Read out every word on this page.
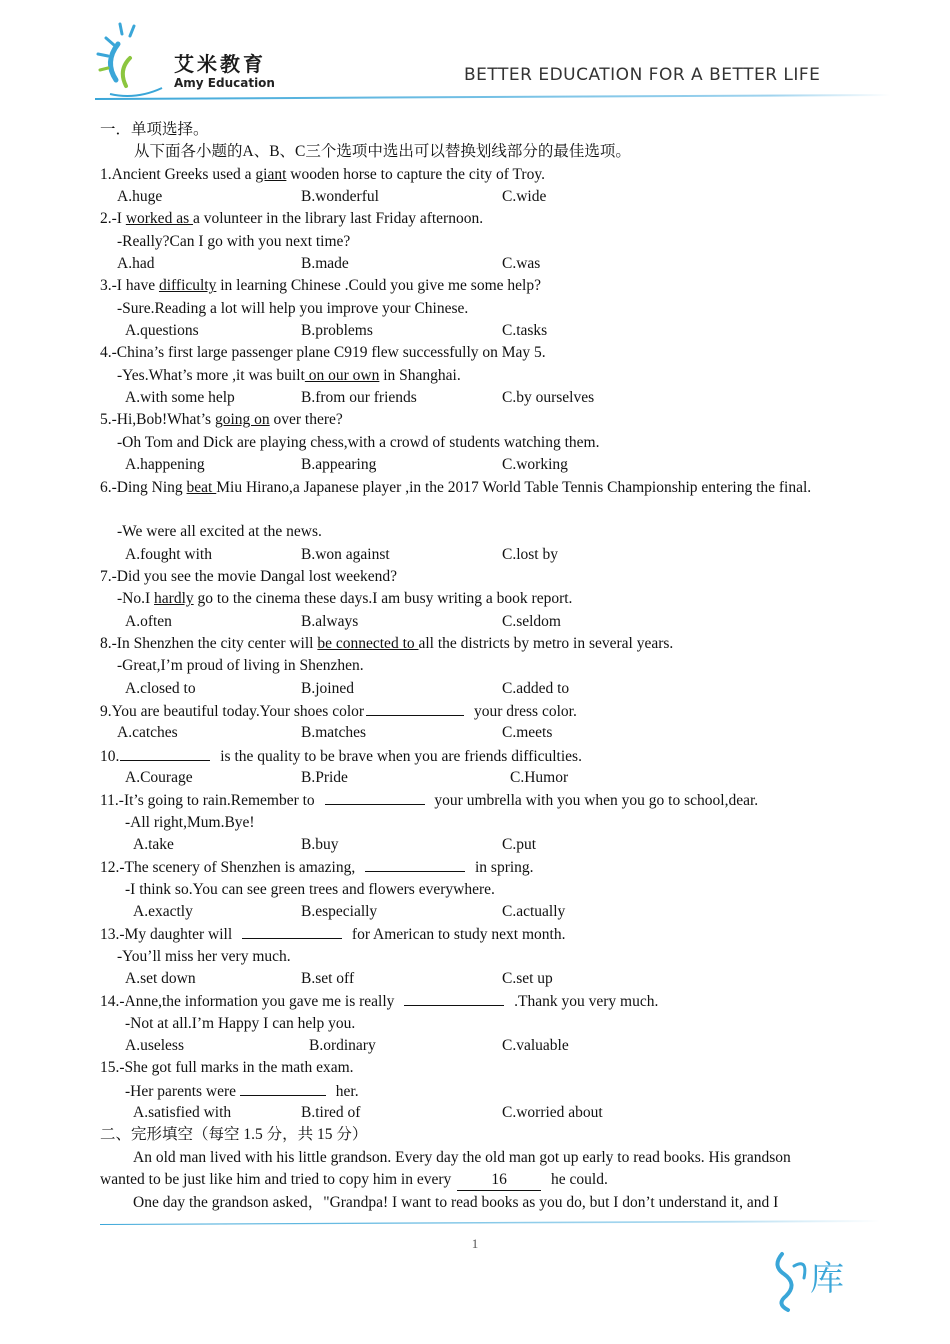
艾米教育
Amy Education	BETTER EDUCATION FOR A BETTER LIFE
一．单项选择。
从下面各小题的A、B、C三个选项中选出可以替换划线部分的最佳选项。
1.Ancient Greeks used a giant wooden horse to capture the city of Troy.
A.huge	B.wonderful	C.wide
2.-I worked as a volunteer in the library last Friday afternoon.
-Really?Can I go with you next time?
A.had	B.made	C.was
3.-I have difficulty in learning Chinese .Could you give me some help?
-Sure.Reading a lot will help you improve your Chinese.
A.questions	B.problems	C.tasks
4.-China’s first large passenger plane C919 flew successfully on May 5.
-Yes.What’s more ,it was built on our own in Shanghai.
A.with some help	B.from our friends	C.by ourselves
5.-Hi,Bob!What’s going on over there?
-Oh Tom and Dick are playing chess,with a crowd of students watching them.
A.happening	B.appearing	C.working
6.-Ding Ning beat Miu Hirano,a Japanese player ,in the 2017 World Table Tennis Championship entering the final.
-We were all excited at the news.
A.fought with	B.won against	C.lost by
7.-Did you see the movie Dangal lost weekend?
-No.I hardly go to the cinema these days.I am busy writing a book report.
A.often	B.always	C.seldom
8.-In Shenzhen the city center will be connected to all the districts by metro in several years.
-Great,I’m proud of living in Shenzhen.
A.closed to	B.joined	C.added to
9.You are beautiful today.Your shoes color	your dress color.
A.catches	B.matches	C.meets
10.	is the quality to be brave when you are friends difficulties.
A.Courage	B.Pride	C.Humor
11.-It’s going to rain.Remember to	your umbrella with you when you go to school,dear.
-All right,Mum.Bye!
A.take	B.buy	C.put
12.-The scenery of Shenzhen is amazing,	in spring.
-I think so.You can see green trees and flowers everywhere.
A.exactly	B.especially	C.actually
13.-My daughter will	for American to study next month.
-You’ll miss her very much.
A.set down	B.set off	C.set up
14.-Anne,the information you gave me is really	.Thank you very much.
-Not at all.I’m Happy I can help you.
A.useless	B.ordinary	C.valuable
15.-She got full marks in the math exam.
-Her parents were	her.
A.satisfied with	B.tired of	C.worried about
二、完形填空（每空 1.5 分，共 15 分）
An old man lived with his little grandson. Every day the old man got up early to read books. His grandson
wanted to be just like him and tried to copy him in every 16	he could.
One day the grandson asked，"Grandpa! I want to read books as you do, but I don’t understand it, and I
1
库
